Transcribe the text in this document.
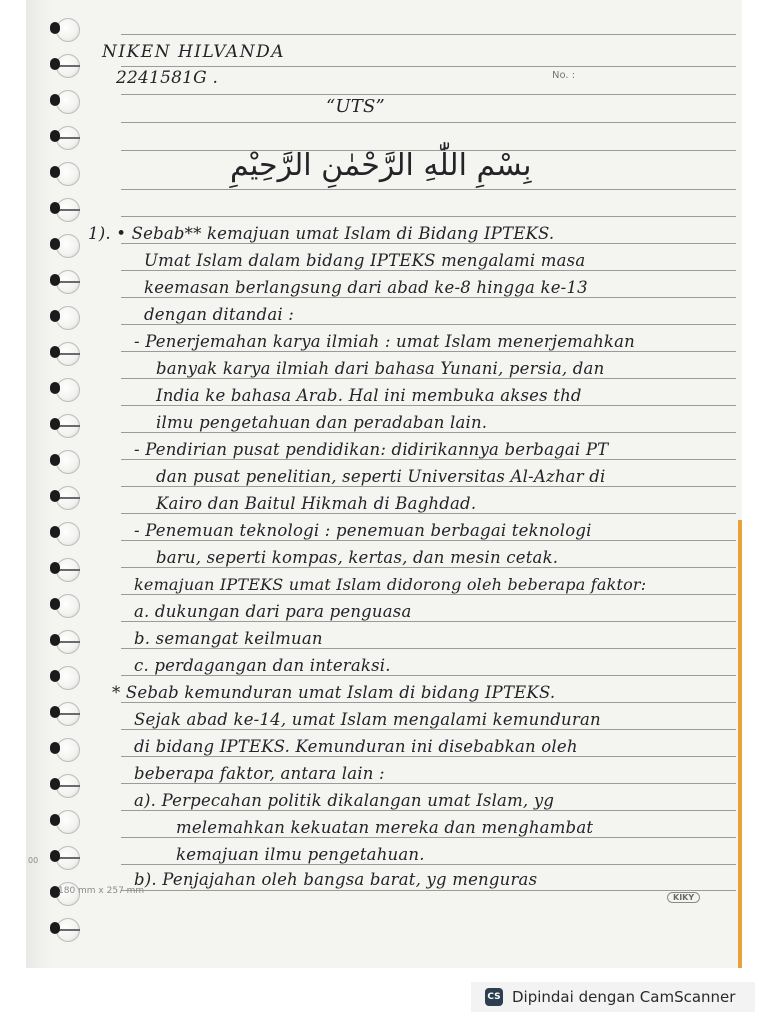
No. :
NIKEN HILVANDA
2241581G .
“UTS”
بِسْمِ اللّٰهِ الرَّحْمٰنِ الرَّحِيْمِ
1). • Sebab** kemajuan umat Islam di Bidang IPTEKS.
Umat Islam dalam bidang IPTEKS mengalami masa
keemasan berlangsung dari abad ke-8 hingga ke-13
dengan ditandai :
- Penerjemahan karya ilmiah : umat Islam menerjemahkan
banyak karya ilmiah dari bahasa Yunani, persia, dan
India ke bahasa Arab. Hal ini membuka akses thd
ilmu pengetahuan dan peradaban lain.
- Pendirian pusat pendidikan: didirikannya berbagai PT
dan pusat penelitian, seperti Universitas Al-Azhar di
Kairo dan Baitul Hikmah di Baghdad.
- Penemuan teknologi : penemuan berbagai teknologi
baru, seperti kompas, kertas, dan mesin cetak.
kemajuan IPTEKS umat Islam didorong oleh beberapa faktor:
a. dukungan dari para penguasa
b. semangat keilmuan
c. perdagangan dan interaksi.
* Sebab kemunduran umat Islam di bidang IPTEKS.
Sejak abad ke-14, umat Islam mengalami kemunduran
di bidang IPTEKS. Kemunduran ini disebabkan oleh
beberapa faktor, antara lain :
a). Perpecahan politik dikalangan umat Islam, yg
melemahkan kekuatan mereka dan menghambat
kemajuan ilmu pengetahuan.
b). Penjajahan oleh bangsa barat, yg menguras
180 mm x 257 mm
KIKY
00
CS Dipindai dengan CamScanner
